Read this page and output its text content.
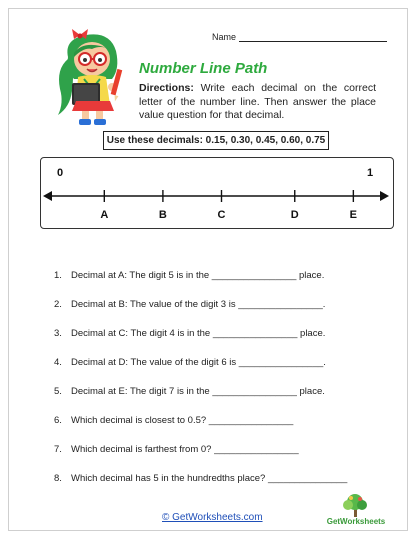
Name
Number Line Path
Directions: Write each decimal on the correct letter of the number line. Then answer the place value question for that decimal.
Use these decimals: 0.15, 0.30, 0.45, 0.60, 0.75
0	1
A	B	C	D	E
1. Decimal at A: The digit 5 is in the ________________ place.
2. Decimal at B: The value of the digit 3 is ________________.
3. Decimal at C: The digit 4 is in the ________________ place.
4. Decimal at D: The value of the digit 6 is ________________.
5. Decimal at E: The digit 7 is in the ________________ place.
6. Which decimal is closest to 0.5? ________________
7. Which decimal is farthest from 0? ________________
8. Which decimal has 5 in the hundredths place? _______________
© GetWorksheets.com	GetWorksheets
